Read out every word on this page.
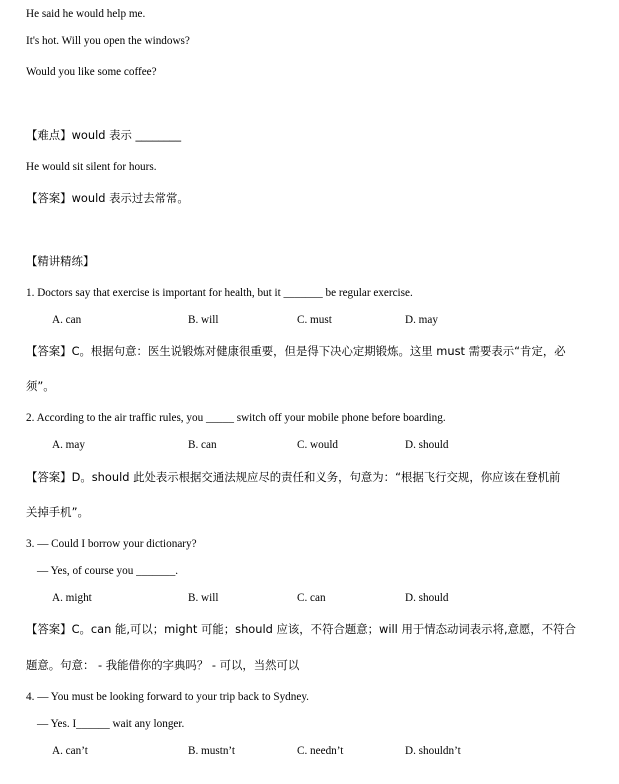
He said he would help me.
It's hot. Will you open the windows?
Would you like some coffee?
【难点】would 表示 ________
He would sit silent for hours.
【答案】would 表示过去常常。
【精讲精练】
1. Doctors say that exercise is important for health, but it _______ be regular exercise.
A. can	B. will	C. must	D. may
【答案】C。根据句意：医生说锻炼对健康很重要，但是得下决心定期锻炼。这里 must 需要表示“肯定，必
须”。
2. According to the air traffic rules, you _____ switch off your mobile phone before boarding.
A. may	B. can	C. would	D. should
【答案】D。should 此处表示根据交通法规应尽的责任和义务，句意为：“根据飞行交规，你应该在登机前
关掉手机”。
3. — Could I borrow your dictionary?
— Yes, of course you _______.
A. might	B. will	C. can	D. should
【答案】C。can 能,可以；might 可能；should 应该，不符合题意；will 用于情态动词表示将,意愿，不符合
题意。句意： - 我能借你的字典吗？ - 可以，当然可以
4. — You must be looking forward to your trip back to Sydney.
— Yes. I______ wait any longer.
A. can’t	B. mustn’t	C. needn’t	D. shouldn’t
